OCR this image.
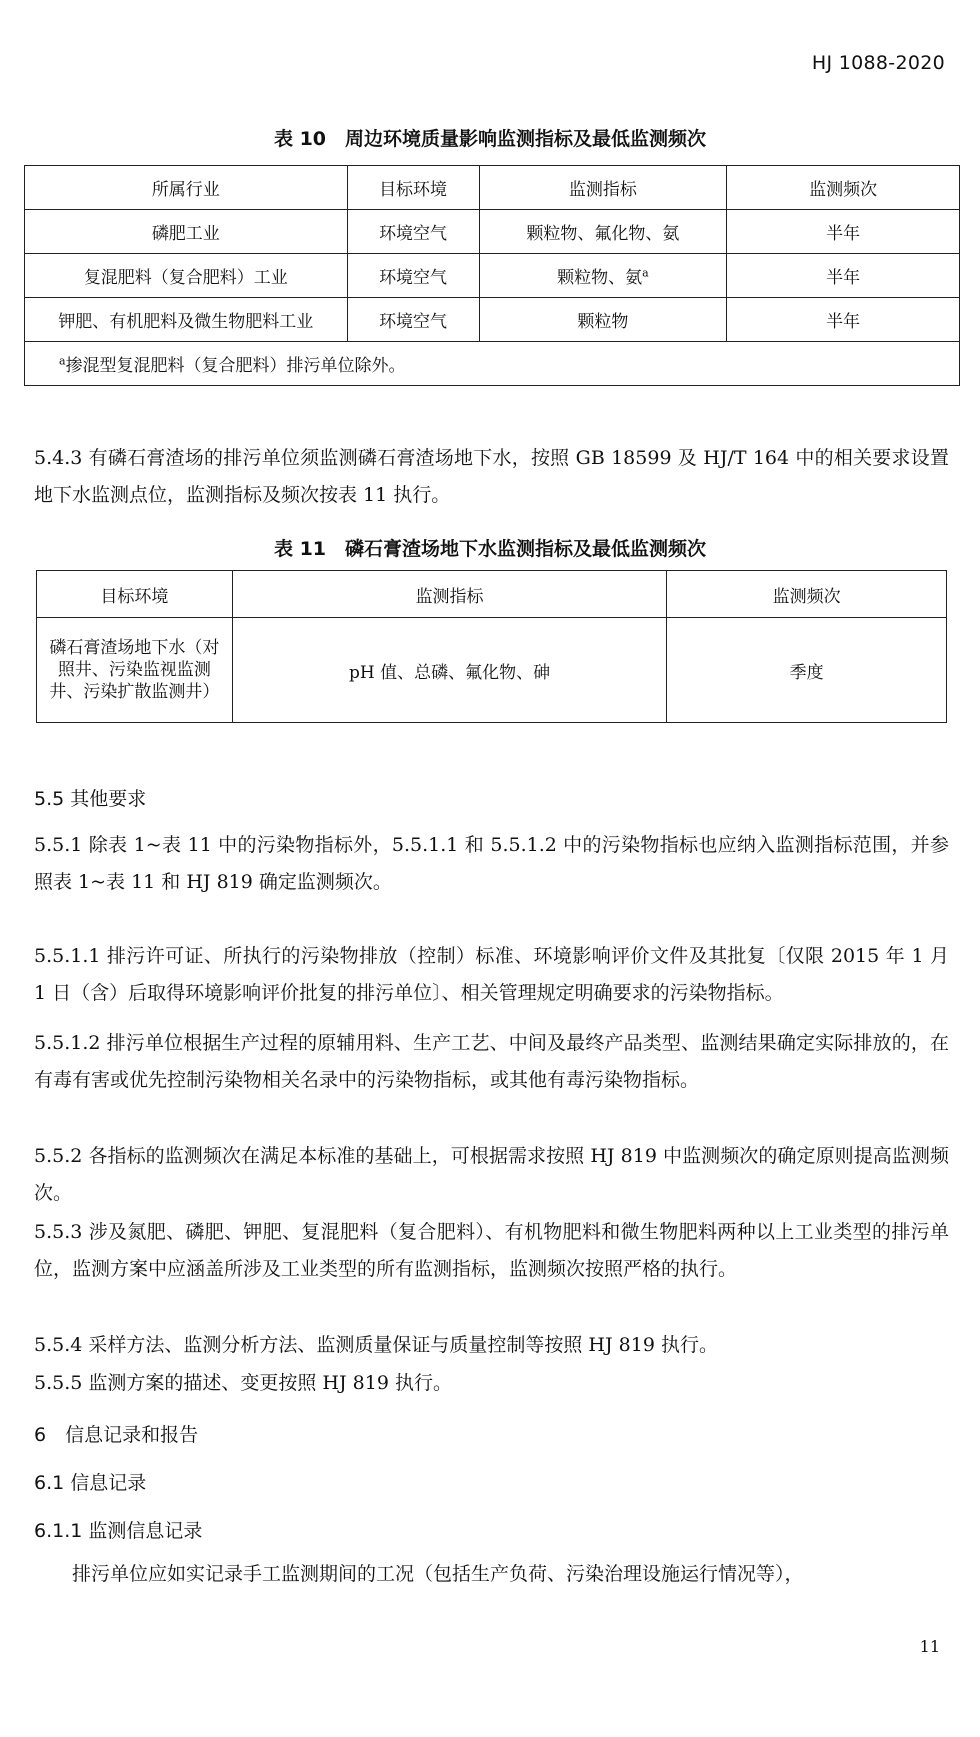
HJ 1088-2020
表 10　周边环境质量影响监测指标及最低监测频次
所属行业	目标环境	监测指标	监测频次
磷肥工业	环境空气	颗粒物、氟化物、氨	半年
复混肥料（复合肥料）工业	环境空气	颗粒物、氨$^a$	半年
钾肥、有机肥料及微生物肥料工业	环境空气	颗粒物	半年
$^a$掺混型复混肥料（复合肥料）排污单位除外。			
5.4.3 有磷石膏渣场的排污单位须监测磷石膏渣场地下水，按照 GB 18599 及 HJ/T 164 中的相关要求设置地下水监测点位，监测指标及频次按表 11 执行。
表 11　磷石膏渣场地下水监测指标及最低监测频次
目标环境	监测指标	监测频次
磷石膏渣场地下水（对照井、污染监视监测井、污染扩散监测井）	pH 值、总磷、氟化物、砷	季度
5.5 其他要求
5.5.1 除表 1~表 11 中的污染物指标外，5.5.1.1 和 5.5.1.2 中的污染物指标也应纳入监测指标范围，并参照表 1~表 11 和 HJ 819 确定监测频次。
5.5.1.1 排污许可证、所执行的污染物排放（控制）标准、环境影响评价文件及其批复〔仅限 2015 年 1 月 1 日（含）后取得环境影响评价批复的排污单位〕、相关管理规定明确要求的污染物指标。
5.5.1.2 排污单位根据生产过程的原辅用料、生产工艺、中间及最终产品类型、监测结果确定实际排放的，在有毒有害或优先控制污染物相关名录中的污染物指标，或其他有毒污染物指标。
5.5.2 各指标的监测频次在满足本标准的基础上，可根据需求按照 HJ 819 中监测频次的确定原则提高监测频次。
5.5.3 涉及氮肥、磷肥、钾肥、复混肥料（复合肥料）、有机物肥料和微生物肥料两种以上工业类型的排污单位，监测方案中应涵盖所涉及工业类型的所有监测指标，监测频次按照严格的执行。
5.5.4 采样方法、监测分析方法、监测质量保证与质量控制等按照 HJ 819 执行。
5.5.5 监测方案的描述、变更按照 HJ 819 执行。
6　信息记录和报告
6.1 信息记录
6.1.1 监测信息记录
排污单位应如实记录手工监测期间的工况（包括生产负荷、污染治理设施运行情况等），
11
